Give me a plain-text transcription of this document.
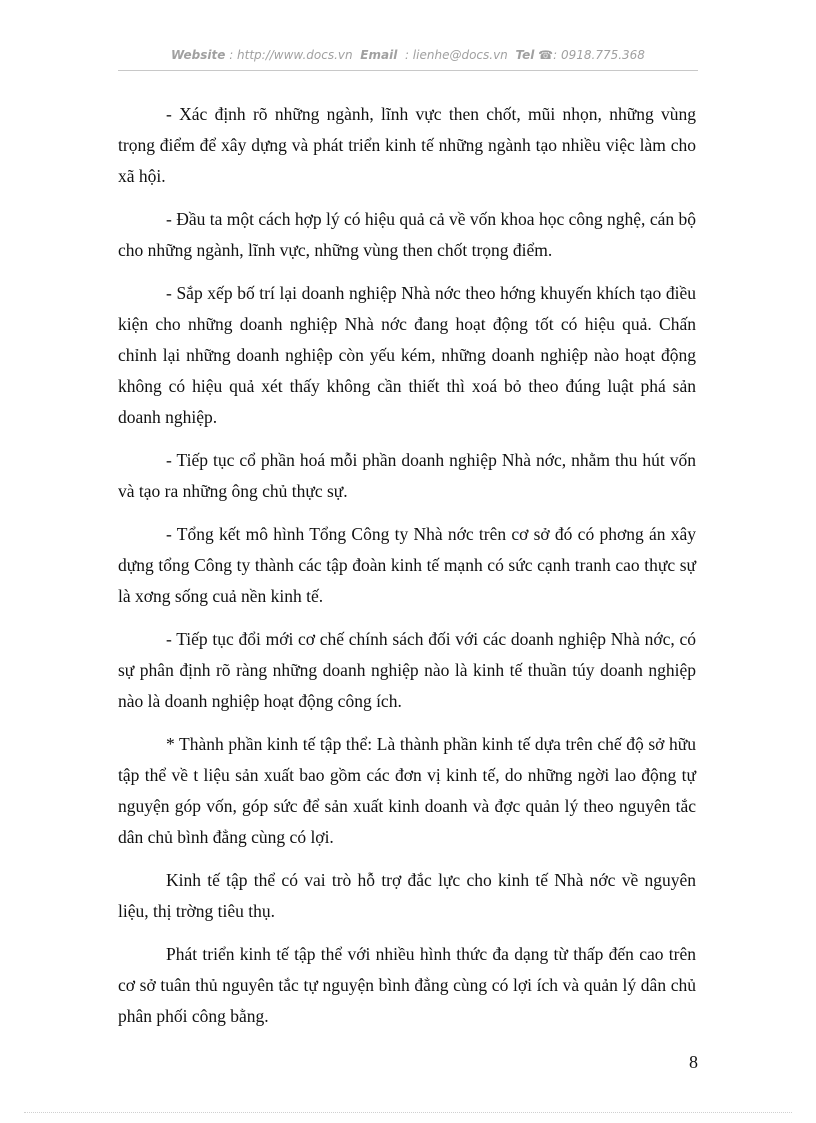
Website : http://www.docs.vn Email : lienhe@docs.vn Tel ☎: 0918.775.368

- Xác định rõ những ngành, lĩnh vực then chốt, mũi nhọn, những vùng trọng điểm để xây dựng và phát triển kinh tế những ngành tạo nhiều việc làm cho xã hội.

- Đầu ta một cách hợp lý có hiệu quả cả về vốn khoa học công nghệ, cán bộ cho những ngành, lĩnh vực, những vùng then chốt trọng điểm.

- Sắp xếp bố trí lại doanh nghiệp Nhà nớc theo hớng khuyến khích tạo điều kiện cho những doanh nghiệp Nhà nớc đang hoạt động tốt có hiệu quả. Chấn chỉnh lại những doanh nghiệp còn yếu kém, những doanh nghiệp nào hoạt động không có hiệu quả xét thấy không cần thiết thì xoá bỏ theo đúng luật phá sản doanh nghiệp.

- Tiếp tục cổ phần hoá mỗi phần doanh nghiệp Nhà nớc, nhằm thu hút vốn và tạo ra những ông chủ thực sự.

- Tổng kết mô hình Tổng Công ty Nhà nớc trên cơ sở đó có phơng án xây dựng tổng Công ty thành các tập đoàn kinh tế mạnh có sức cạnh tranh cao thực sự là xơng sống cuả nền kinh tế.

- Tiếp tục đổi mới cơ chế chính sách đối với các doanh nghiệp Nhà nớc, có sự phân định rõ ràng những doanh nghiệp nào là kinh tế thuần túy doanh nghiệp nào là doanh nghiệp hoạt động công ích.

* Thành phần kinh tế tập thể: Là thành phần kinh tế dựa trên chế độ sở hữu tập thể về t liệu sản xuất bao gồm các đơn vị kinh tế, do những ngời lao động tự nguyện góp vốn, góp sức để sản xuất kinh doanh và đợc quản lý theo nguyên tắc dân chủ bình đẳng cùng có lợi.

Kinh tế tập thể có vai trò hỗ trợ đắc lực cho kinh tế Nhà nớc về nguyên liệu, thị trờng tiêu thụ.

Phát triển kinh tế tập thể với nhiều hình thức đa dạng từ thấp đến cao trên cơ sở tuân thủ nguyên tắc tự nguyện bình đẳng cùng có lợi ích và quản lý dân chủ phân phối công bằng.

8
